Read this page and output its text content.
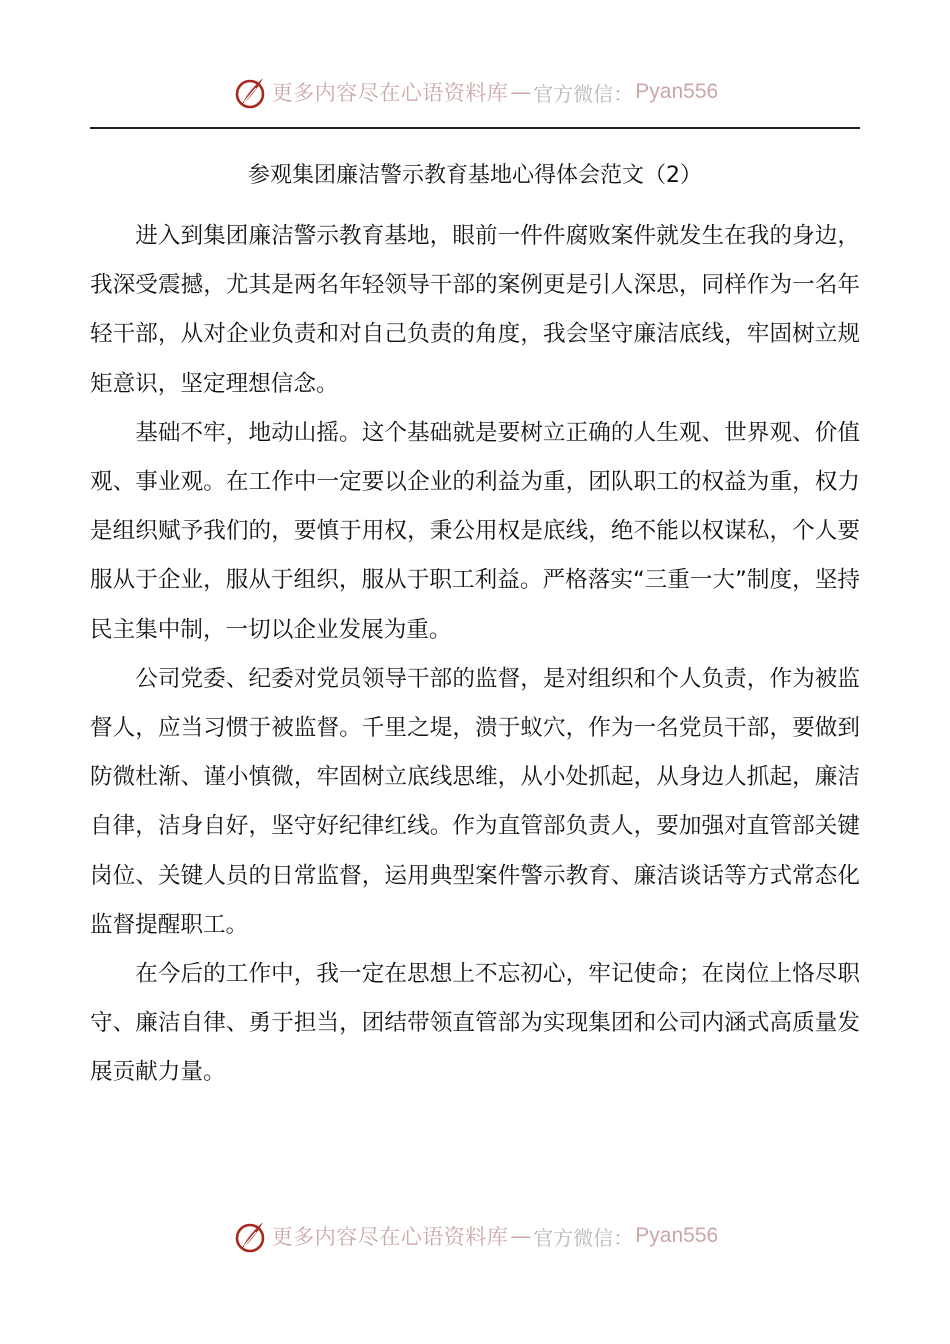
更多内容尽在心语资料库 — 官方微信： Pyan556
参观集团廉洁警示教育基地心得体会范文（2）

进入到集团廉洁警示教育基地，眼前一件件腐败案件就发生在我的身边，我深受震撼，尤其是两名年轻领导干部的案例更是引人深思，同样作为一名年轻干部，从对企业负责和对自己负责的角度，我会坚守廉洁底线，牢固树立规矩意识，坚定理想信念。

基础不牢，地动山摇。这个基础就是要树立正确的人生观、世界观、价值观、事业观。在工作中一定要以企业的利益为重，团队职工的权益为重，权力是组织赋予我们的，要慎于用权，秉公用权是底线，绝不能以权谋私，个人要服从于企业，服从于组织，服从于职工利益。严格落实“三重一大”制度，坚持民主集中制，一切以企业发展为重。

公司党委、纪委对党员领导干部的监督，是对组织和个人负责，作为被监督人，应当习惯于被监督。千里之堤，溃于蚁穴，作为一名党员干部，要做到防微杜渐、谨小慎微，牢固树立底线思维，从小处抓起，从身边人抓起，廉洁自律，洁身自好，坚守好纪律红线。作为直管部负责人，要加强对直管部关键岗位、关键人员的日常监督，运用典型案件警示教育、廉洁谈话等方式常态化监督提醒职工。

在今后的工作中，我一定在思想上不忘初心，牢记使命；在岗位上恪尽职守、廉洁自律、勇于担当，团结带领直管部为实现集团和公司内涵式高质量发展贡献力量。

更多内容尽在心语资料库 — 官方微信： Pyan556
